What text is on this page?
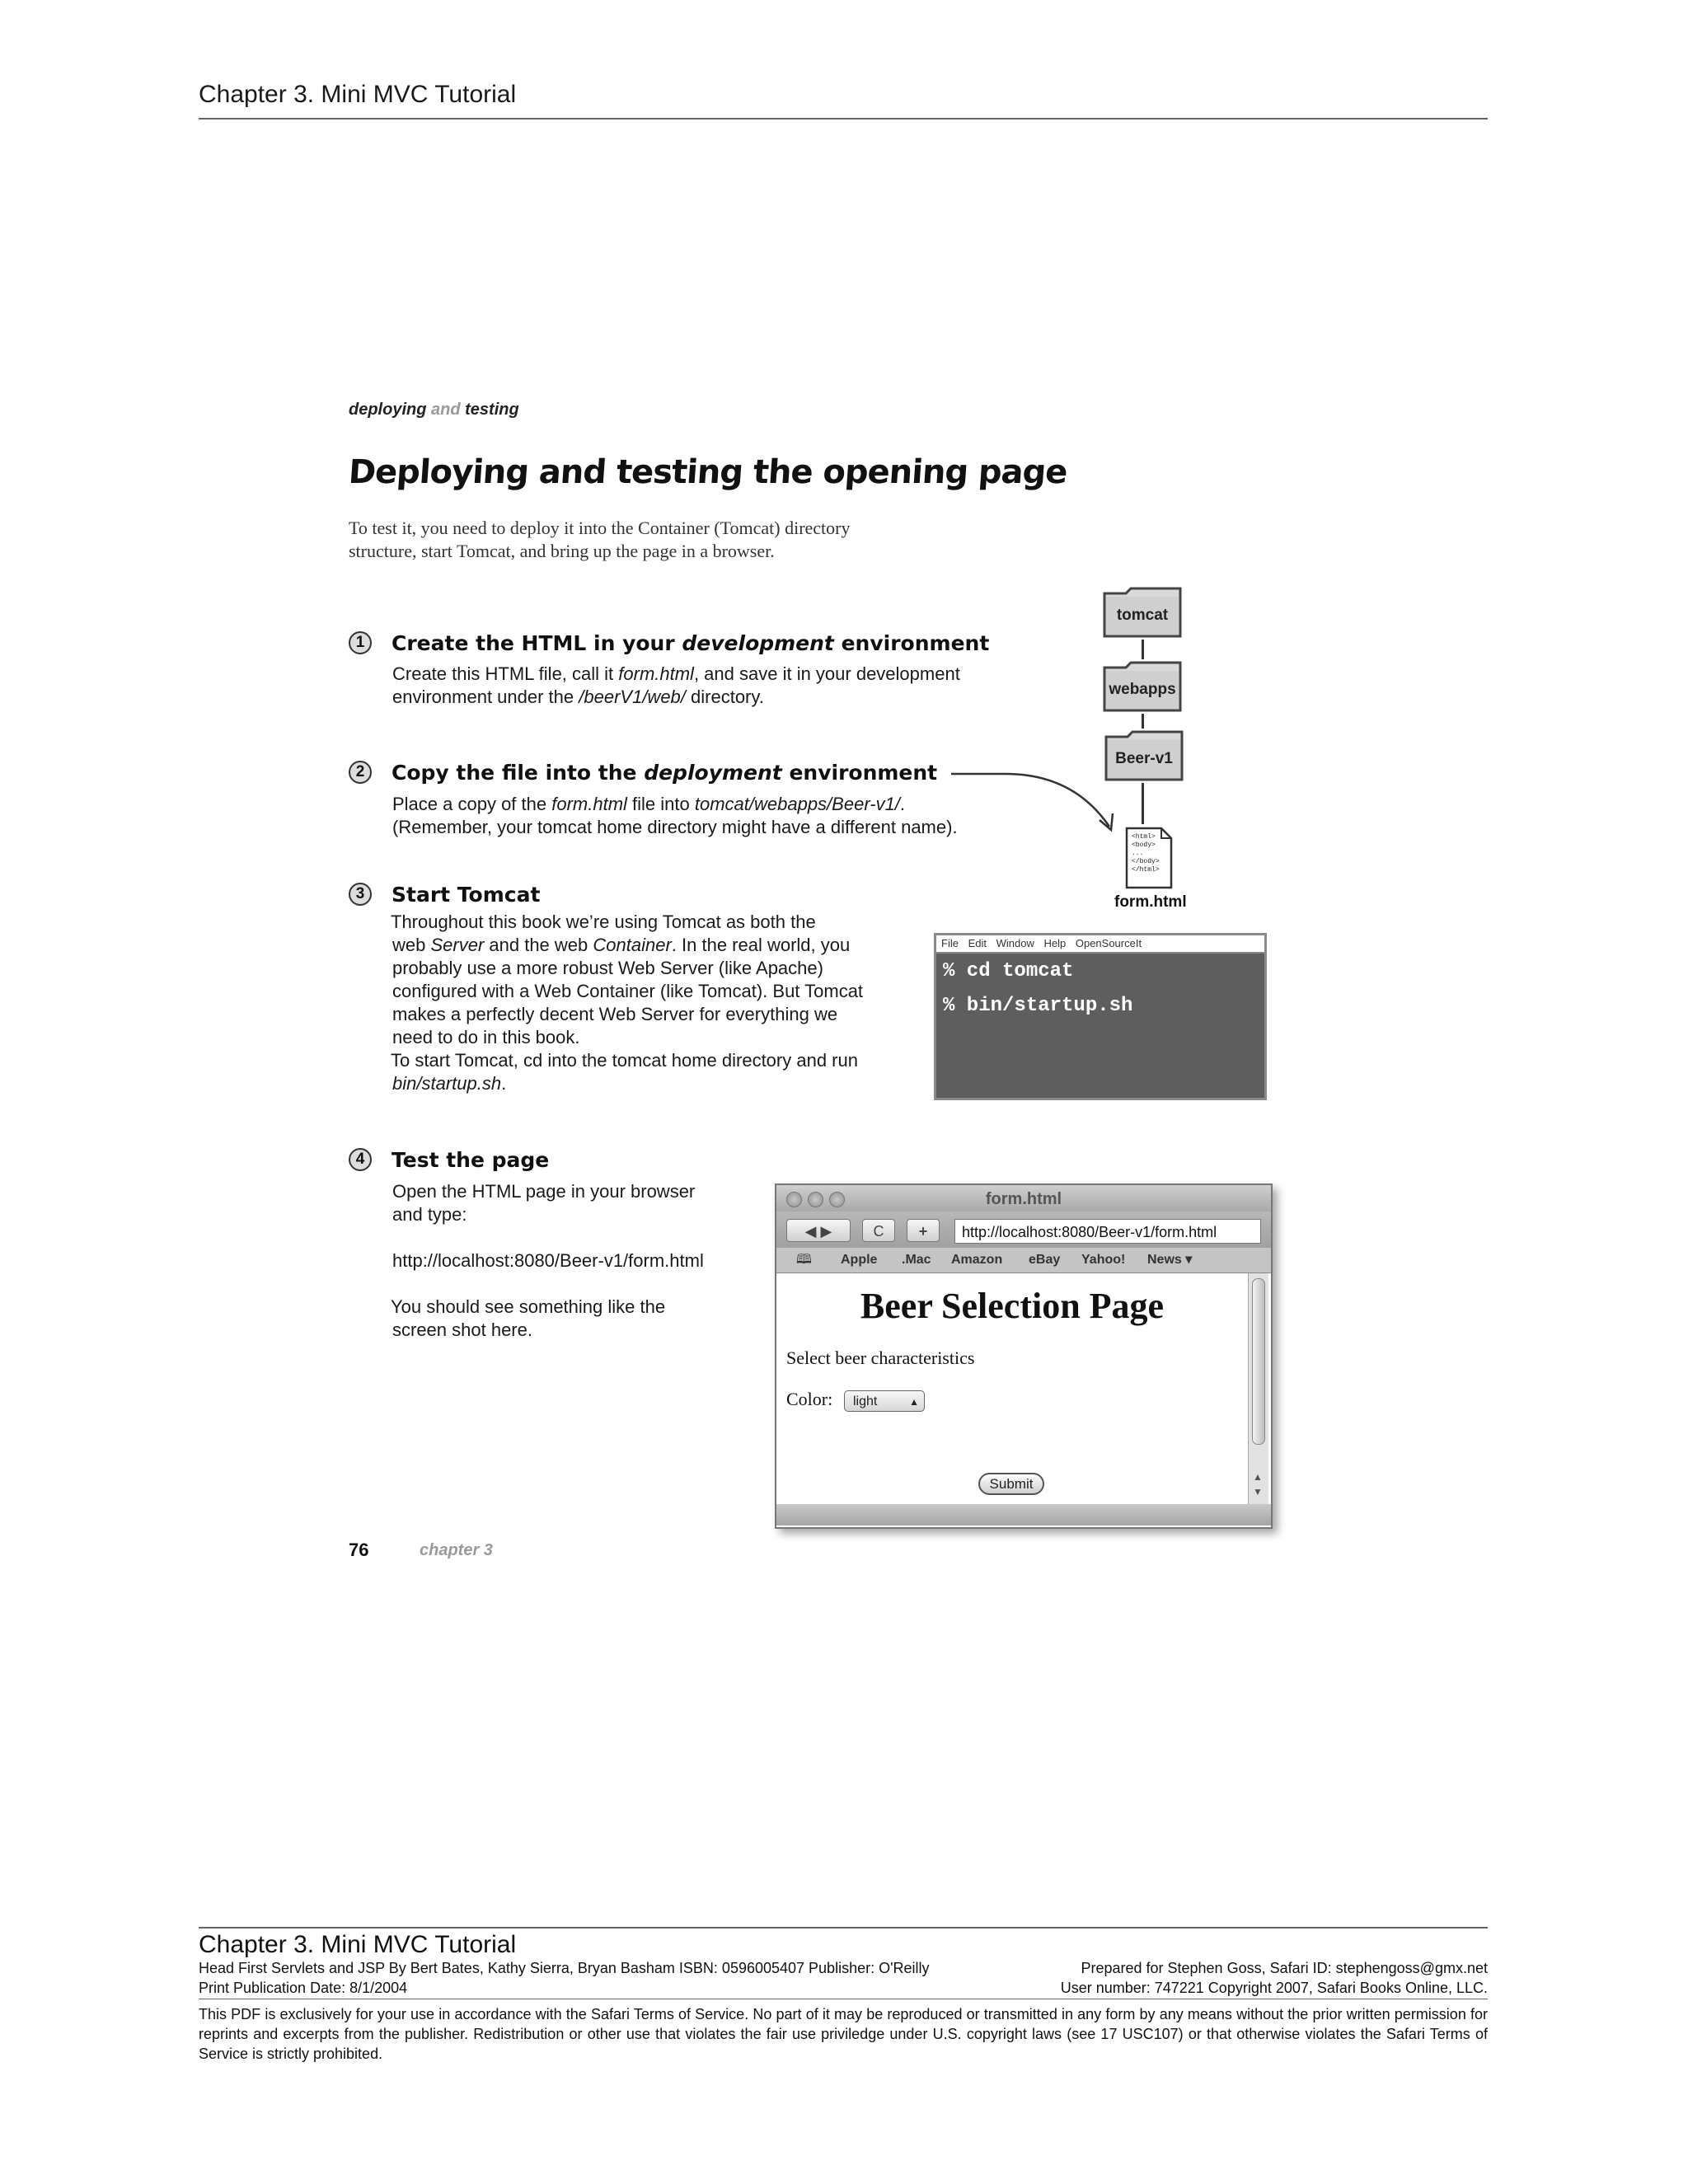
Chapter 3. Mini MVC Tutorial
deploying and testing
Deploying and testing the opening page
To test it, you need to deploy it into the Container (Tomcat) directory
structure, start Tomcat, and bring up the page in a browser.
1	Create the HTML in your development environment

Create this HTML file, call it form.html, and save it in your development

environment under the /beerV1/web/ directory.

2	Copy the file into the deployment environment

Place a copy of the form.html file into tomcat/webapps/Beer-v1/.

(Remember, your tomcat home directory might have a different name).

3	Start Tomcat

Throughout this book we’re using Tomcat as both the

web Server and the web Container. In the real world, you

probably use a more robust Web Server (like Apache)

configured with a Web Container (like Tomcat). But Tomcat

makes a perfectly decent Web Server for everything we

need to do in this book.

To start Tomcat, cd into the tomcat home directory and run

bin/startup.sh.

4	Test the page

Open the HTML page in your browser

and type:

http://localhost:8080/Beer-v1/form.html

You should see something like the

screen shot here.

tomcat
webapps
Beer-v1
<html>
<body>
...
</body>
</html>
form.html
File Edit Window Help OpenSourceIt
% cd tomcat
% bin/startup.sh
form.html
◀ ▶	C	+	http://localhost:8080/Beer-v1/form.html
🕮 Apple .Mac Amazon eBay Yahoo! News ▾
Beer Selection Page
Select beer characteristics
Color:	light	▲

Submit	▲
▼
76	chapter 3
Chapter 3. Mini MVC Tutorial
Head First Servlets and JSP By Bert Bates, Kathy Sierra, Bryan Basham ISBN: 0596005407 Publisher: O'Reilly	Prepared for Stephen Goss, Safari ID: stephengoss@gmx.net
Print Publication Date: 8/1/2004	User number: 747221 Copyright 2007, Safari Books Online, LLC.
This PDF is exclusively for your use in accordance with the Safari Terms of Service. No part of it may be reproduced or transmitted in any form by any means without the prior written permission for reprints and excerpts from the publisher. Redistribution or other use that violates the fair use priviledge under U.S. copyright laws (see 17 USC107) or that otherwise violates the Safari Terms of Service is strictly prohibited.
